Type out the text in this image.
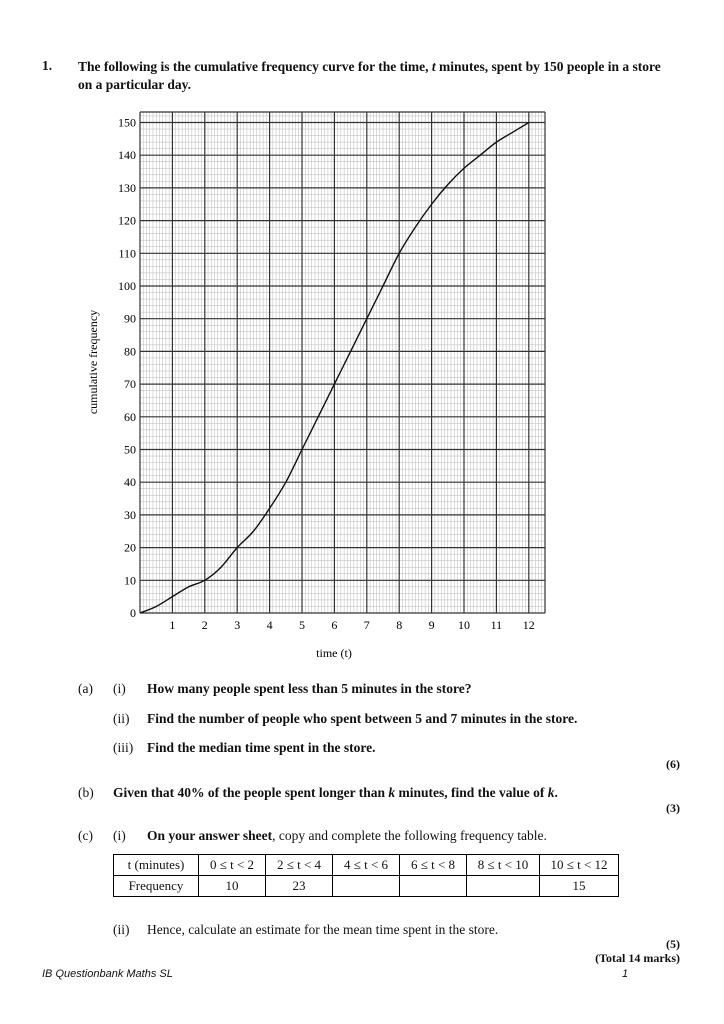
1. The following is the cumulative frequency curve for the time, t minutes, spent by 150 people in a store on a particular day.
0
10
20
30
40
50
60
70
80
90
100
110
120
130
140
150
1 2 3 4 5 6 7 8 9 10 11 12
cumulative frequency
time (t)
(a) (i) How many people spent less than 5 minutes in the store?
(ii) Find the number of people who spent between 5 and 7 minutes in the store.
(iii) Find the median time spent in the store.
(6)
(b) Given that 40% of the people spent longer than k minutes, find the value of k.
(3)
(c) (i) On your answer sheet, copy and complete the following frequency table.
t (minutes)	0 ≤ t < 2	2 ≤ t < 4	4 ≤ t < 6	6 ≤ t < 8	8 ≤ t < 10	10 ≤ t < 12
Frequency	10	23				15
(ii) Hence, calculate an estimate for the mean time spent in the store.
(5)
(Total 14 marks)
IB Questionbank Maths SL	1
